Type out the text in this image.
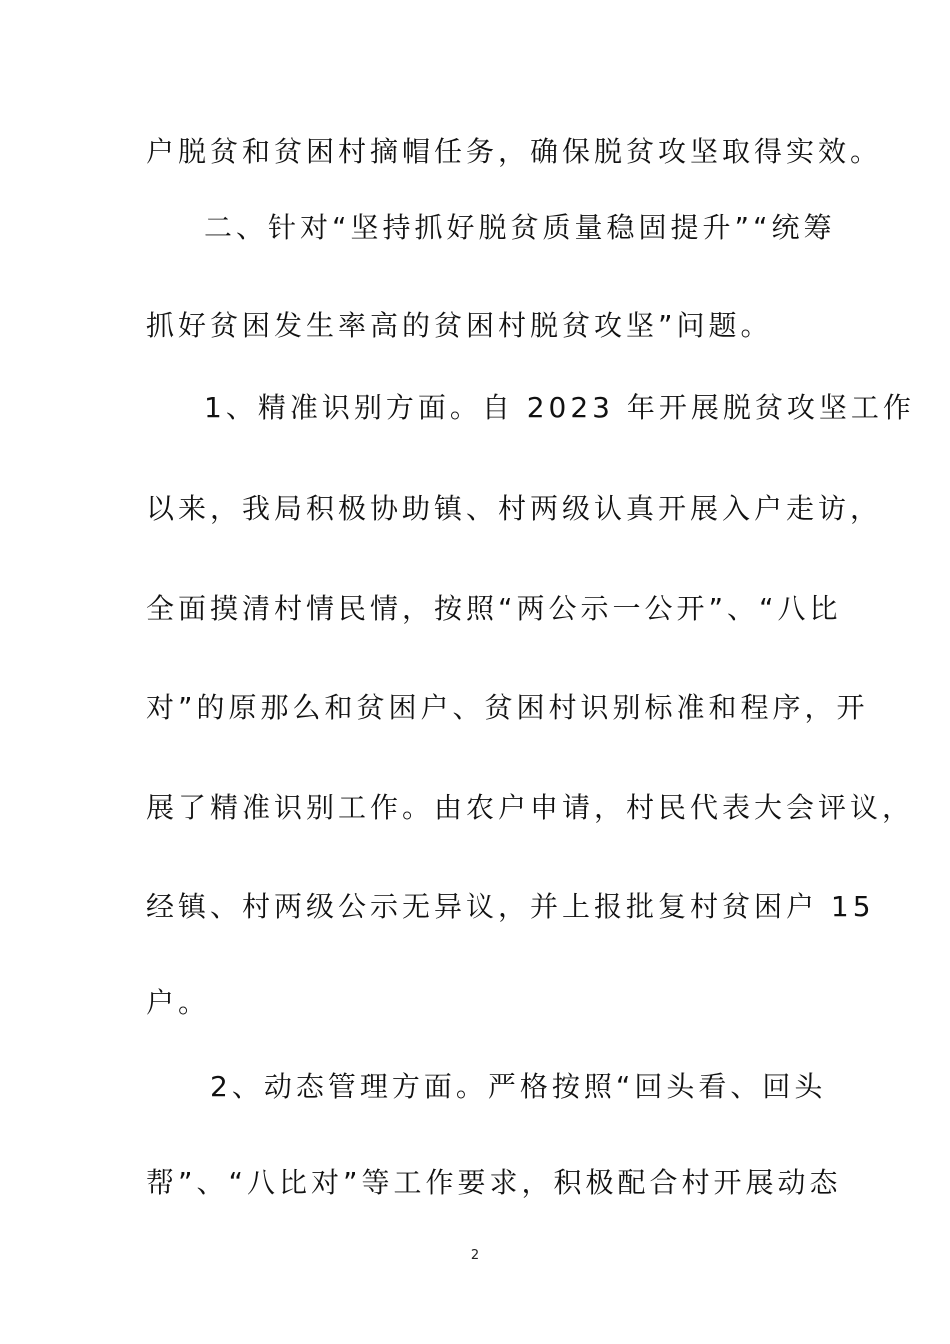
户脱贫和贫困村摘帽任务，确保脱贫攻坚取得实效。
二、针对“坚持抓好脱贫质量稳固提升”“统筹
抓好贫困发生率高的贫困村脱贫攻坚”问题。
1、精准识别方面。自 2023 年开展脱贫攻坚工作
以来，我局积极协助镇、村两级认真开展入户走访，
全面摸清村情民情，按照“两公示一公开”、“八比
对”的原那么和贫困户、贫困村识别标准和程序，开
展了精准识别工作。由农户申请，村民代表大会评议，
经镇、村两级公示无异议，并上报批复村贫困户 15
户。
2、动态管理方面。严格按照“回头看、回头
帮”、“八比对”等工作要求，积极配合村开展动态
2
